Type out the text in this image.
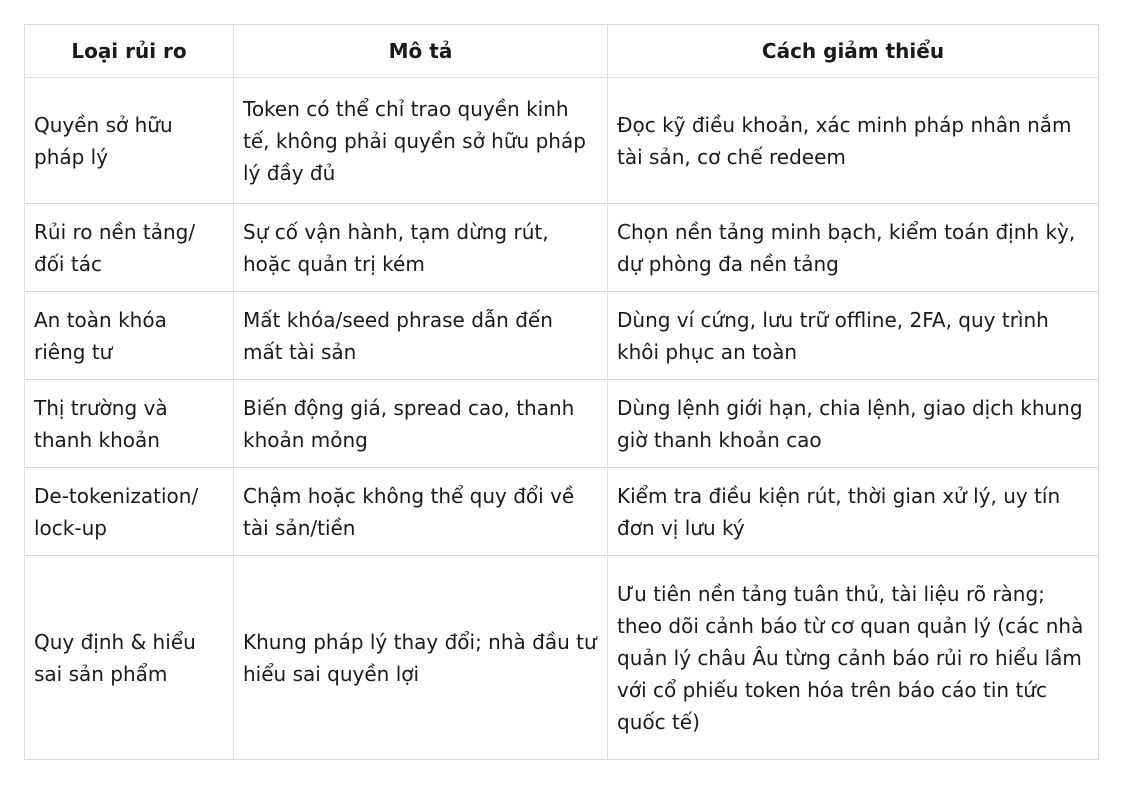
Loại rủi ro	Mô tả	Cách giảm thiểu
Quyền sở hữu pháp lý	Token có thể chỉ trao quyền kinh tế, không phải quyền sở hữu pháp lý đầy đủ	Đọc kỹ điều khoản, xác minh pháp nhân nắm tài sản, cơ chế redeem
Rủi ro nền tảng/ đối tác	Sự cố vận hành, tạm dừng rút, hoặc quản trị kém	Chọn nền tảng minh bạch, kiểm toán định kỳ, dự phòng đa nền tảng
An toàn khóa riêng tư	Mất khóa/seed phrase dẫn đến mất tài sản	Dùng ví cứng, lưu trữ offline, 2FA, quy trình khôi phục an toàn
Thị trường và thanh khoản	Biến động giá, spread cao, thanh khoản mỏng	Dùng lệnh giới hạn, chia lệnh, giao dịch khung giờ thanh khoản cao
De-tokenization/ lock-up	Chậm hoặc không thể quy đổi về tài sản/tiền	Kiểm tra điều kiện rút, thời gian xử lý, uy tín đơn vị lưu ký
Quy định & hiểu sai sản phẩm	Khung pháp lý thay đổi; nhà đầu tư hiểu sai quyền lợi	Ưu tiên nền tảng tuân thủ, tài liệu rõ ràng; theo dõi cảnh báo từ cơ quan quản lý (các nhà quản lý châu Âu từng cảnh báo rủi ro hiểu lầm với cổ phiếu token hóa trên báo cáo tin tức quốc tế)
